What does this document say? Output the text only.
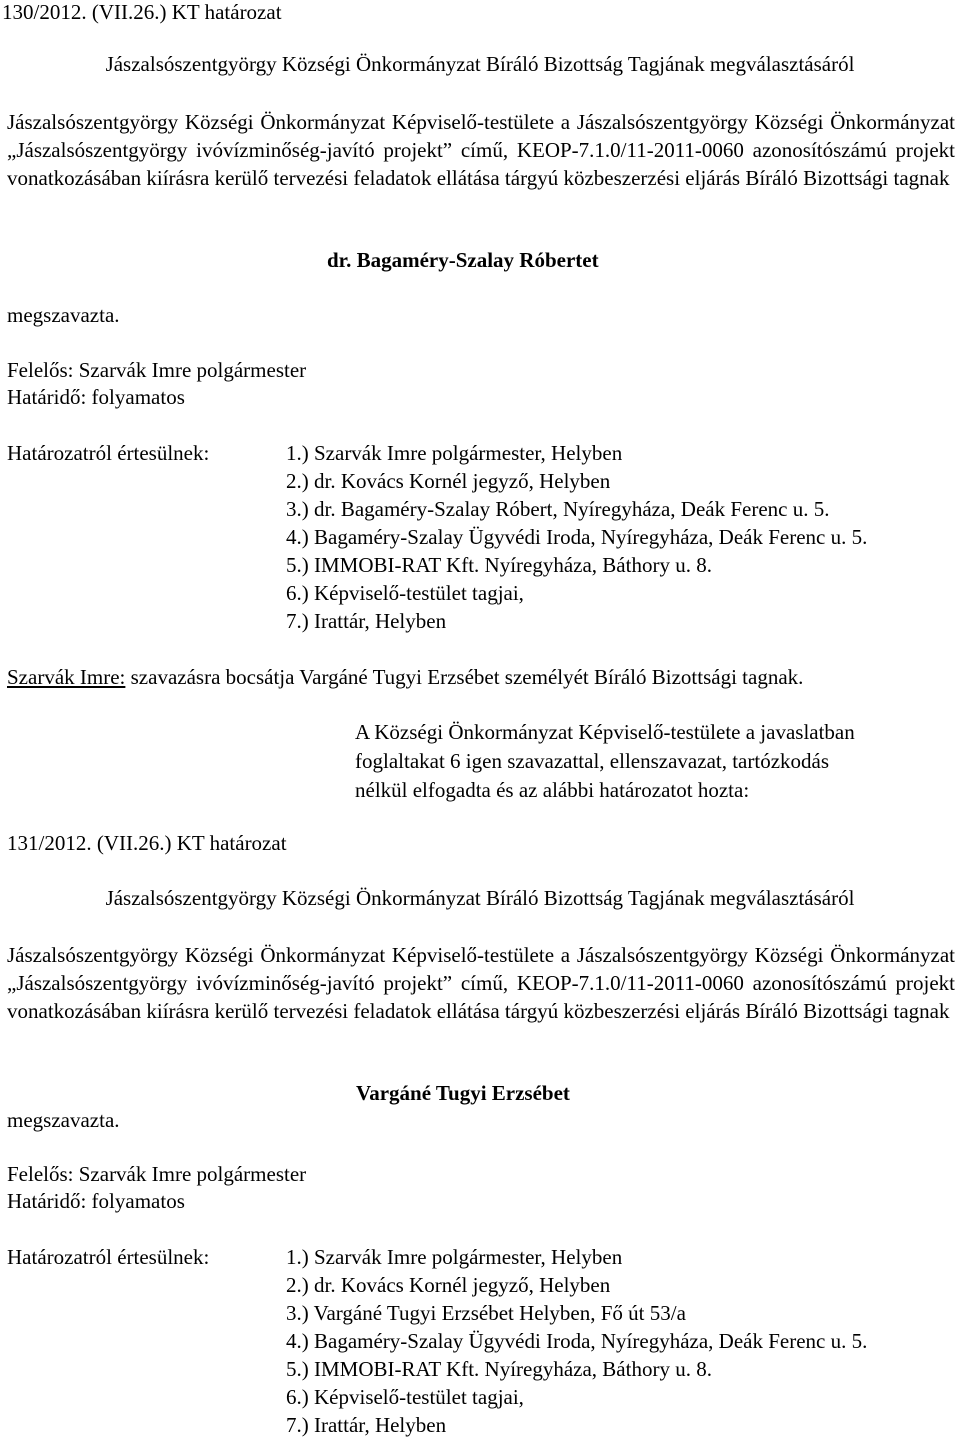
130/2012. (VII.26.) KT határozat
Jászalsószentgyörgy Községi Önkormányzat Bíráló Bizottság Tagjának megválasztásáról
Jászalsószentgyörgy Községi Önkormányzat Képviselő-testülete a Jászalsószentgyörgy Községi Önkormányzat „Jászalsószentgyörgy ivóvízminőség-javító projekt” című, KEOP-7.1.0/11-2011-0060 azonosítószámú projekt vonatkozásában kiírásra kerülő tervezési feladatok ellátása tárgyú közbeszerzési eljárás Bíráló Bizottsági tagnak
dr. Bagaméry-Szalay Róbertet
megszavazta.
Felelős: Szarvák Imre polgármester
Határidő: folyamatos
Határozatról értesülnek:	1.) Szarvák Imre polgármester, Helyben
2.) dr. Kovács Kornél jegyző, Helyben
3.) dr. Bagaméry-Szalay Róbert, Nyíregyháza, Deák Ferenc u. 5.
4.) Bagaméry-Szalay Ügyvédi Iroda, Nyíregyháza, Deák Ferenc u. 5.
5.) IMMOBI-RAT Kft. Nyíregyháza, Báthory u. 8.
6.) Képviselő-testület tagjai,
7.) Irattár, Helyben
Szarvák Imre: szavazásra bocsátja Vargáné Tugyi Erzsébet személyét Bíráló Bizottsági tagnak.
A Községi Önkormányzat Képviselő-testülete a javaslatban
foglaltakat 6 igen szavazattal, ellenszavazat, tartózkodás
nélkül elfogadta és az alábbi határozatot hozta:
131/2012. (VII.26.) KT határozat
Jászalsószentgyörgy Községi Önkormányzat Bíráló Bizottság Tagjának megválasztásáról
Jászalsószentgyörgy Községi Önkormányzat Képviselő-testülete a Jászalsószentgyörgy Községi Önkormányzat „Jászalsószentgyörgy ivóvízminőség-javító projekt” című, KEOP-7.1.0/11-2011-0060 azonosítószámú projekt vonatkozásában kiírásra kerülő tervezési feladatok ellátása tárgyú közbeszerzési eljárás Bíráló Bizottsági tagnak
Vargáné Tugyi Erzsébet
megszavazta.
Felelős: Szarvák Imre polgármester
Határidő: folyamatos
Határozatról értesülnek:	1.) Szarvák Imre polgármester, Helyben
2.) dr. Kovács Kornél jegyző, Helyben
3.) Vargáné Tugyi Erzsébet Helyben, Fő út 53/a
4.) Bagaméry-Szalay Ügyvédi Iroda, Nyíregyháza, Deák Ferenc u. 5.
5.) IMMOBI-RAT Kft. Nyíregyháza, Báthory u. 8.
6.) Képviselő-testület tagjai,
7.) Irattár, Helyben
